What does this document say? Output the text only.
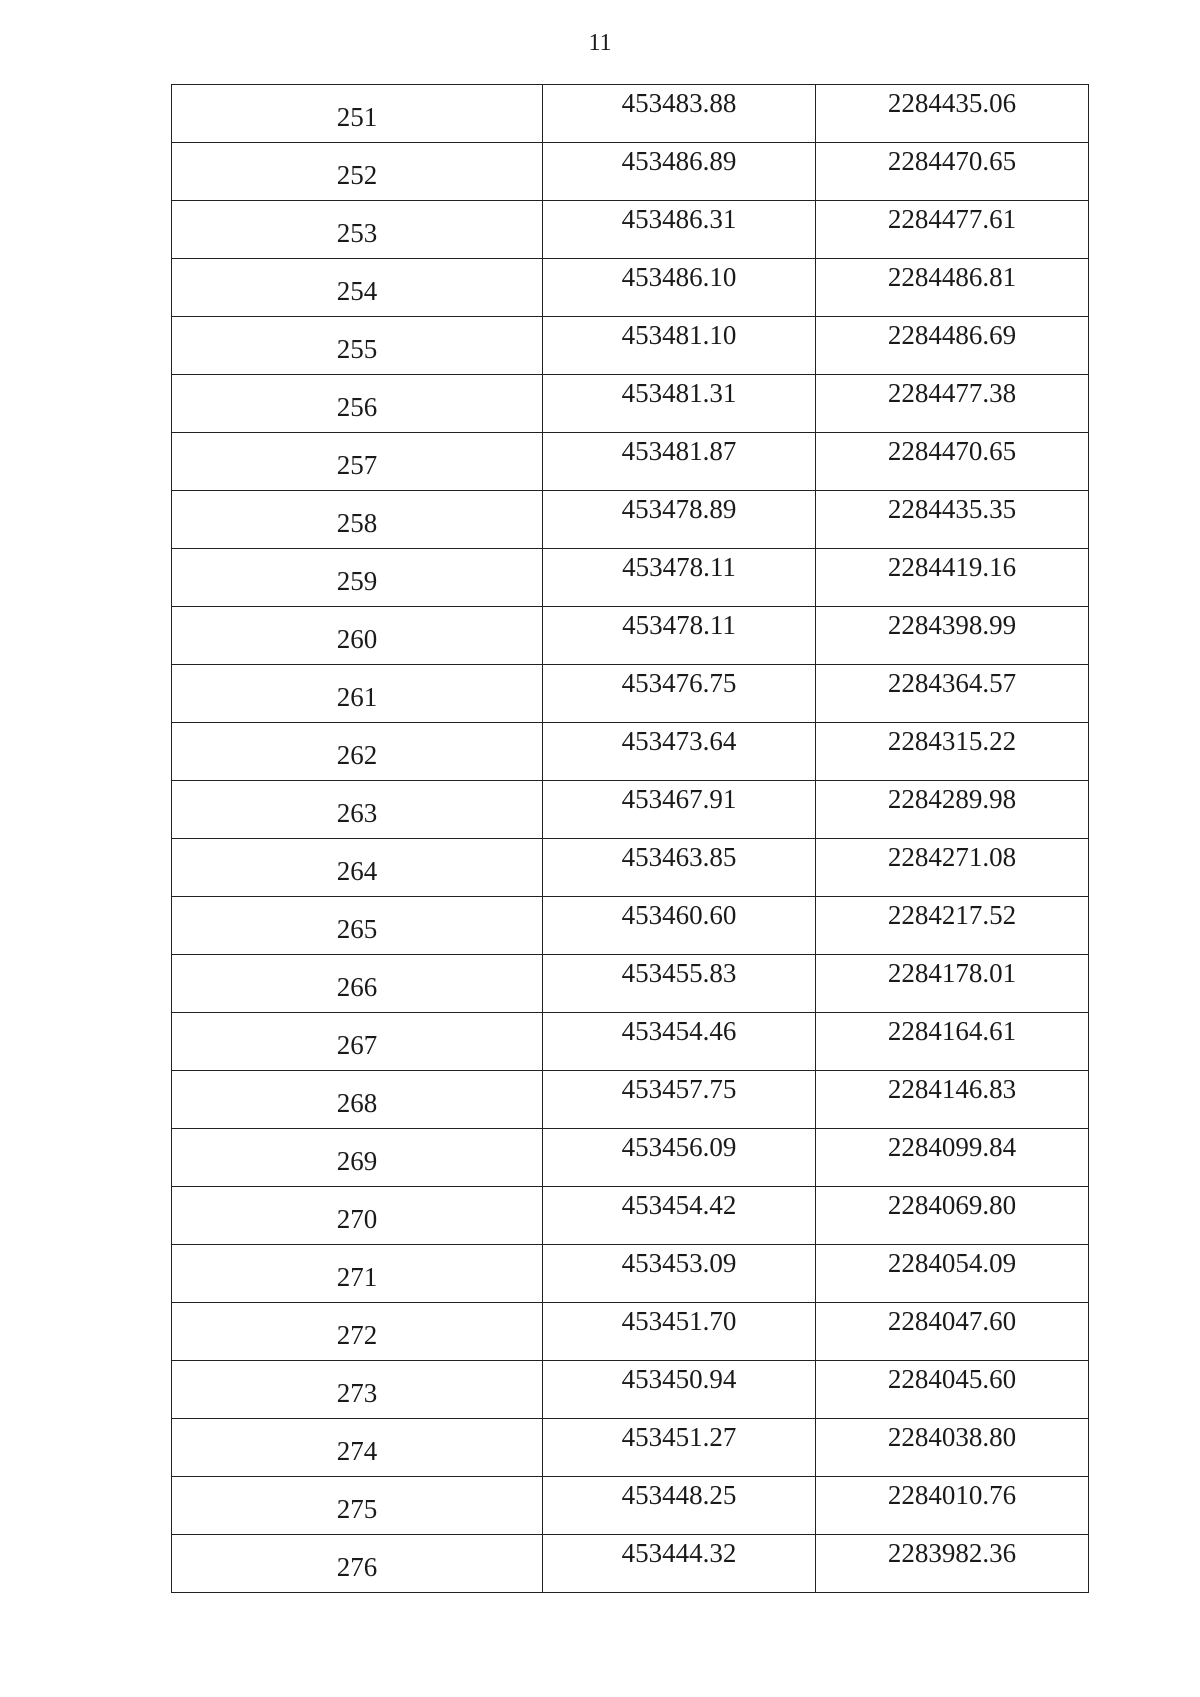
11
251	453483.88	2284435.06
252	453486.89	2284470.65
253	453486.31	2284477.61
254	453486.10	2284486.81
255	453481.10	2284486.69
256	453481.31	2284477.38
257	453481.87	2284470.65
258	453478.89	2284435.35
259	453478.11	2284419.16
260	453478.11	2284398.99
261	453476.75	2284364.57
262	453473.64	2284315.22
263	453467.91	2284289.98
264	453463.85	2284271.08
265	453460.60	2284217.52
266	453455.83	2284178.01
267	453454.46	2284164.61
268	453457.75	2284146.83
269	453456.09	2284099.84
270	453454.42	2284069.80
271	453453.09	2284054.09
272	453451.70	2284047.60
273	453450.94	2284045.60
274	453451.27	2284038.80
275	453448.25	2284010.76
276	453444.32	2283982.36
